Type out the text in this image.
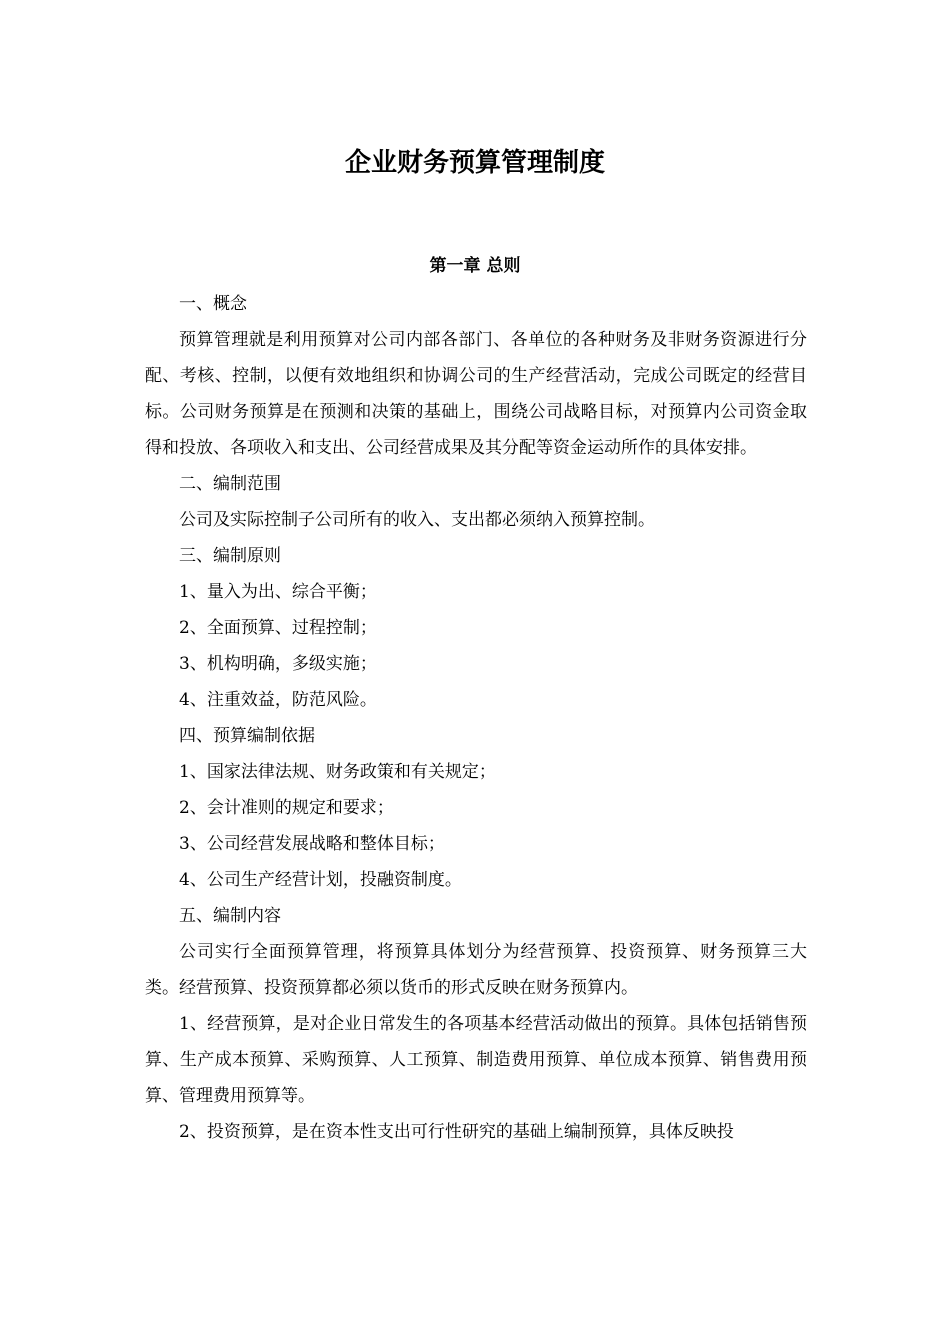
企业财务预算管理制度
第一章 总则

一、概念

预算管理就是利用预算对公司内部各部门、各单位的各种财务及非财务资源进行分配、考核、控制，以便有效地组织和协调公司的生产经营活动，完成公司既定的经营目标。公司财务预算是在预测和决策的基础上，围绕公司战略目标，对预算内公司资金取得和投放、各项收入和支出、公司经营成果及其分配等资金运动所作的具体安排。

二、编制范围

公司及实际控制子公司所有的收入、支出都必须纳入预算控制。

三、编制原则

1、量入为出、综合平衡；

2、全面预算、过程控制；

3、机构明确，多级实施；

4、注重效益，防范风险。

四、预算编制依据

1、国家法律法规、财务政策和有关规定；

2、会计准则的规定和要求；

3、公司经营发展战略和整体目标；

4、公司生产经营计划，投融资制度。

五、编制内容

公司实行全面预算管理，将预算具体划分为经营预算、投资预算、财务预算三大类。经营预算、投资预算都必须以货币的形式反映在财务预算内。

1、经营预算，是对企业日常发生的各项基本经营活动做出的预算。具体包括销售预算、生产成本预算、采购预算、人工预算、制造费用预算、单位成本预算、销售费用预算、管理费用预算等。

2、投资预算，是在资本性支出可行性研究的基础上编制预算，具体反映投
